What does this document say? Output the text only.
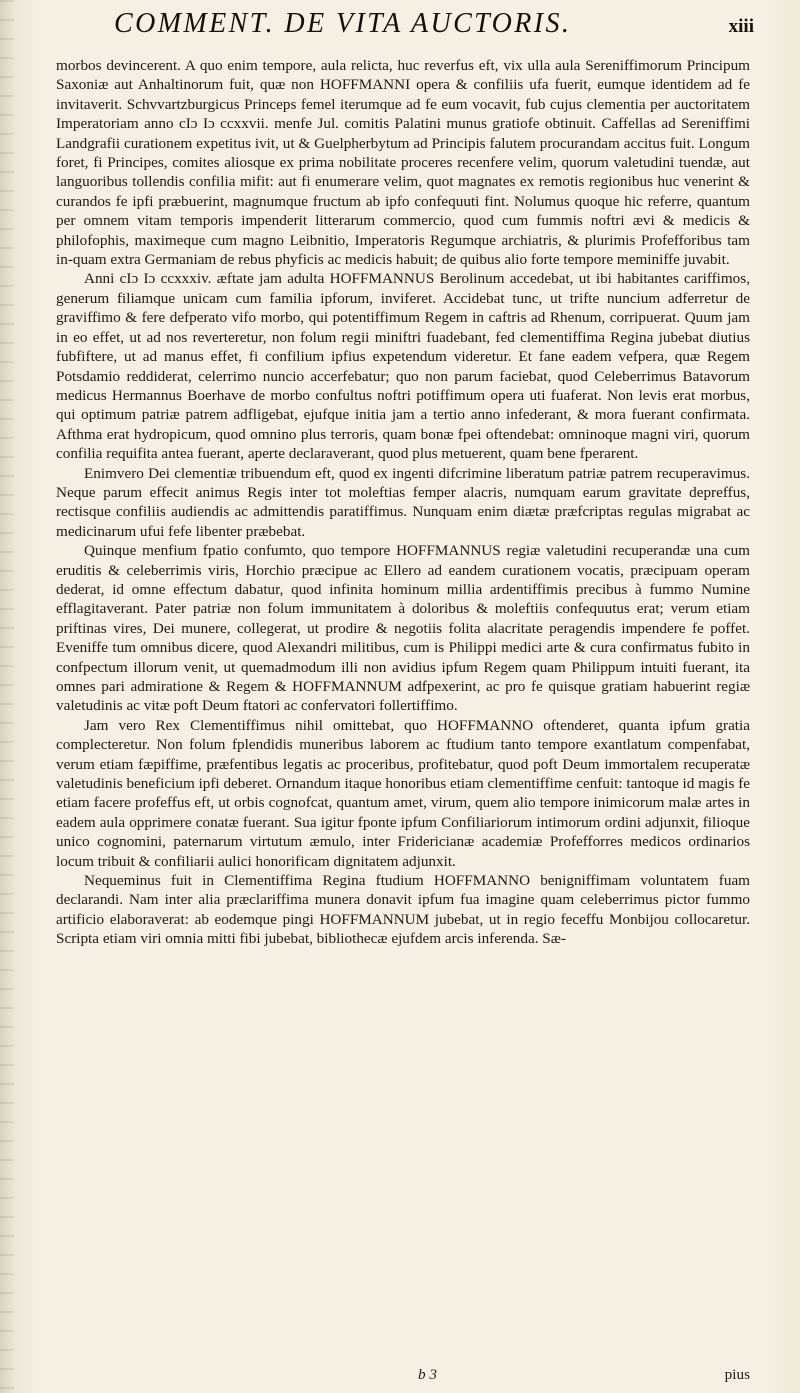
COMMENT. DE VITA AUCTORIS.	xiii

morbos devincerent. A quo enim tempore, aula relicta, huc reverfus eft, vix ulla aula Sereniffimorum Principum Saxoniæ aut Anhaltinorum fuit, quæ non HOFFMANNI opera & confiliis ufa fuerit, eumque identidem ad fe invitaverit. Schvvartzburgicus Princeps femel iterumque ad fe eum vocavit, fub cujus clementia per auctoritatem Imperatoriam anno cIɔ Iɔ ccxxvii. menfe Jul. comitis Palatini munus gratiofe obtinuit. Caffellas ad Sereniffimi Landgrafii curationem expetitus ivit, ut & Guelpherbytum ad Principis falutem procurandam accitus fuit. Longum foret, fi Principes, comites aliosque ex prima nobilitate proceres recenfere velim, quorum valetudini tuendæ, aut languoribus tollendis confilia mifit: aut fi enumerare velim, quot magnates ex remotis regionibus huc venerint & curandos fe ipfi præbuerint, magnumque fructum ab ipfo confequuti fint. Nolumus quoque hic referre, quantum per omnem vitam temporis impenderit litterarum commercio, quod cum fummis noftri ævi & medicis & philofophis, maximeque cum magno Leibnitio, Imperatoris Regumque archiatris, & plurimis Profefforibus tam in-quam extra Germaniam de rebus phyficis ac medicis habuit; de quibus alio forte tempore meminiffe juvabit.

Anni cIɔ Iɔ ccxxxiv. æftate jam adulta HOFFMANNUS Berolinum accedebat, ut ibi habitantes cariffimos, generum filiamque unicam cum familia ipforum, inviferet. Accidebat tunc, ut trifte nuncium adferretur de graviffimo & fere defperato vifo morbo, qui potentiffimum Regem in caftris ad Rhenum, corripuerat. Quum jam in eo effet, ut ad nos reverteretur, non folum regii miniftri fuadebant, fed clementiffima Regina jubebat diutius fubfiftere, ut ad manus effet, fi confilium ipfius expetendum videretur. Et fane eadem vefpera, quæ Regem Potsdamio reddiderat, celerrimo nuncio accerfebatur; quo non parum faciebat, quod Celeberrimus Batavorum medicus Hermannus Boerhave de morbo confultus noftri potiffimum opera uti fuaferat. Non levis erat morbus, qui optimum patriæ patrem adfligebat, ejufque initia jam a tertio anno infederant, & mora fuerant confirmata. Afthma erat hydropicum, quod omnino plus terroris, quam bonæ fpei oftendebat: omninoque magni viri, quorum confilia requifita antea fuerant, aperte declaraverant, quod plus metuerent, quam bene fperarent.

Enimvero Dei clementiæ tribuendum eft, quod ex ingenti difcrimine liberatum patriæ patrem recuperavimus. Neque parum effecit animus Regis inter tot moleftias femper alacris, numquam earum gravitate depreffus, rectisque confiliis audiendis ac admittendis paratiffimus. Nunquam enim diætæ præfcriptas regulas migrabat ac medicinarum ufui fefe libenter præbebat.

Quinque menfium fpatio confumto, quo tempore HOFFMANNUS regiæ valetudini recuperandæ una cum eruditis & celeberrimis viris, Horchio præcipue ac Ellero ad eandem curationem vocatis, præcipuam operam dederat, id omne effectum dabatur, quod infinita hominum millia ardentiffimis precibus à fummo Numine efflagitaverant. Pater patriæ non folum immunitatem à doloribus & moleftiis confequutus erat; verum etiam priftinas vires, Dei munere, collegerat, ut prodire & negotiis folita alacritate peragendis impendere fe poffet. Eveniffe tum omnibus dicere, quod Alexandri militibus, cum is Philippi medici arte & cura confirmatus fubito in confpectum illorum venit, ut quemadmodum illi non avidius ipfum Regem quam Philippum intuiti fuerant, ita omnes pari admiratione & Regem & HOFFMANNUM adfpexerint, ac pro fe quisque gratiam habuerint regiæ valetudinis ac vitæ poft Deum ftatori ac confervatori follertiffimo.

Jam vero Rex Clementiffimus nihil omittebat, quo HOFFMANNO oftenderet, quanta ipfum gratia complecteretur. Non folum fplendidis muneribus laborem ac ftudium tanto tempore exantlatum compenfabat, verum etiam fæpiffime, præfentibus legatis ac proceribus, profitebatur, quod poft Deum immortalem recuperatæ valetudinis beneficium ipfi deberet. Ornandum itaque honoribus etiam clementiffime cenfuit: tantoque id magis fe etiam facere profeffus eft, ut orbis cognofcat, quantum amet, virum, quem alio tempore inimicorum malæ artes in eadem aula opprimere conatæ fuerant. Sua igitur fponte ipfum Confiliariorum intimorum ordini adjunxit, filioque unico cognomini, paternarum virtutum æmulo, inter Fridericianæ academiæ Profefforres medicos ordinarios locum tribuit & confiliarii aulici honorificam dignitatem adjunxit.

Nequeminus fuit in Clementiffima Regina ftudium HOFFMANNO benigniffimam voluntatem fuam declarandi. Nam inter alia præclariffima munera donavit ipfum fua imagine quam celeberrimus pictor fummo artificio elaboraverat: ab eodemque pingi HOFFMANNUM jubebat, ut in regio feceffu Monbijou collocaretur. Scripta etiam viri omnia mitti fibi jubebat, bibliothecæ ejufdem arcis inferenda. Sæ-

b 3	pius
